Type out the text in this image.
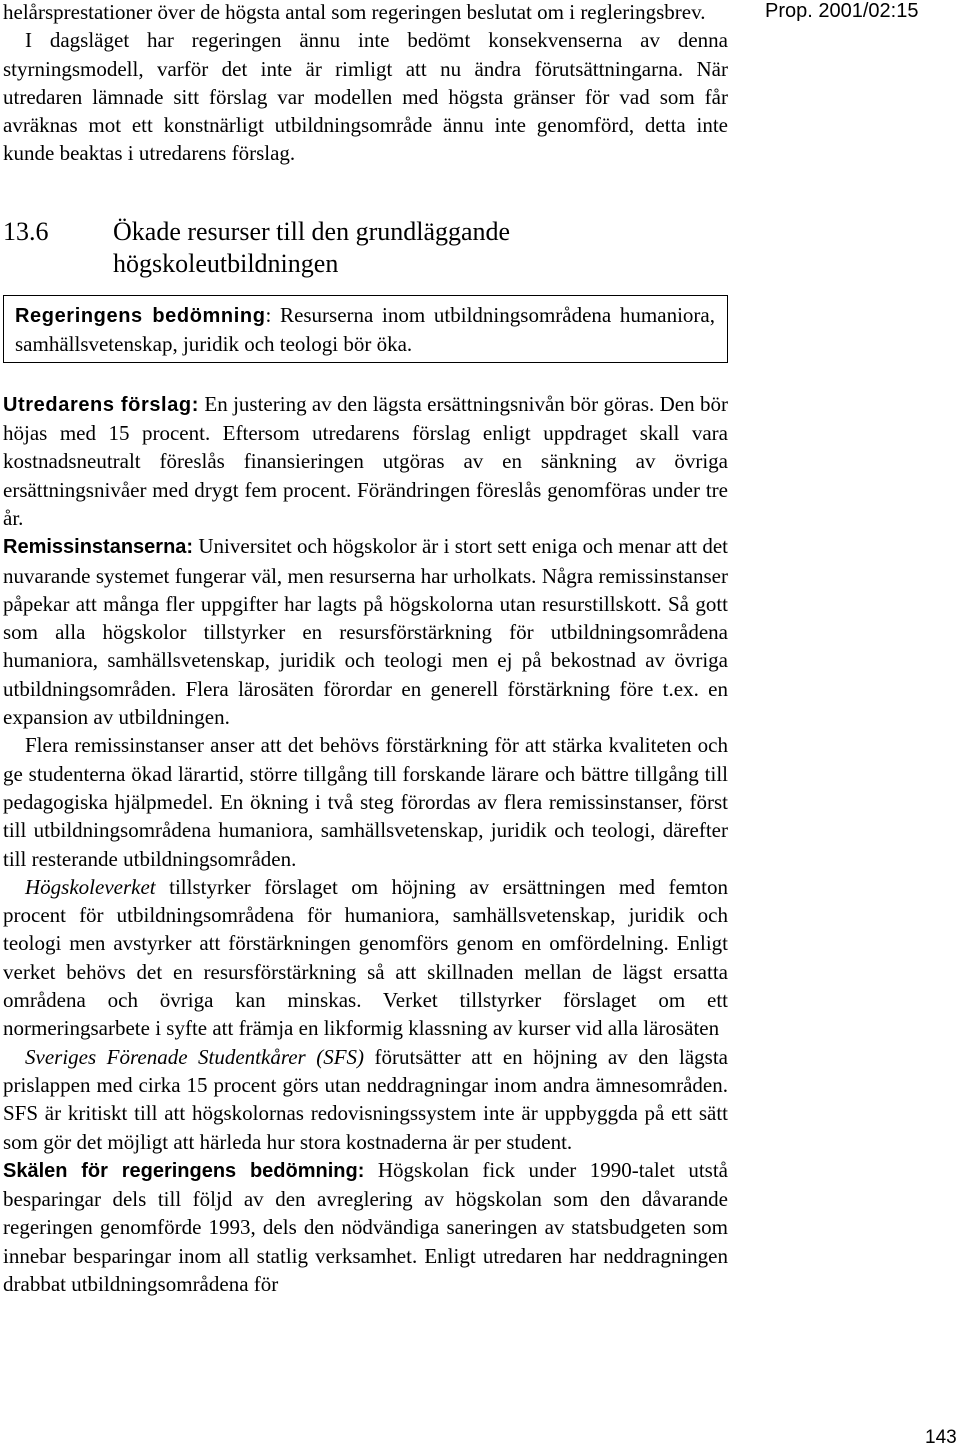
Prop. 2001/02:15

helårsprestationer över de högsta antal som regeringen beslutat om i regleringsbrev.

I dagsläget har regeringen ännu inte bedömt konsekvenserna av denna styrningsmodell, varför det inte är rimligt att nu ändra förutsättningarna. När utredaren lämnade sitt förslag var modellen med högsta gränser för vad som får avräknas mot ett konstnärligt utbildningsområde ännu inte genomförd, detta inte kunde beaktas i utredarens förslag.

13.6	Ökade resurser till den grundläggande högskoleutbildningen

Regeringens bedömning: Resurserna inom utbildningsområdena humaniora, samhällsvetenskap, juridik och teologi bör öka.

Utredarens förslag: En justering av den lägsta ersättningsnivån bör göras. Den bör höjas med 15 procent. Eftersom utredarens förslag enligt uppdraget skall vara kostnadsneutralt föreslås finansieringen utgöras av en sänkning av övriga ersättningsnivåer med drygt fem procent. Förändringen föreslås genomföras under tre år.

Remissinstanserna: Universitet och högskolor är i stort sett eniga och menar att det nuvarande systemet fungerar väl, men resurserna har urholkats. Några remissinstanser påpekar att många fler uppgifter har lagts på högskolorna utan resurstillskott. Så gott som alla högskolor tillstyrker en resursförstärkning för utbildningsområdena humaniora, samhällsvetenskap, juridik och teologi men ej på bekostnad av övriga utbildningsområden. Flera lärosäten förordar en generell förstärkning före t.ex. en expansion av utbildningen.

Flera remissinstanser anser att det behövs förstärkning för att stärka kvaliteten och ge studenterna ökad lärartid, större tillgång till forskande lärare och bättre tillgång till pedagogiska hjälpmedel. En ökning i två steg förordas av flera remissinstanser, först till utbildningsområdena humaniora, samhällsvetenskap, juridik och teologi, därefter till resterande utbildningsområden.

Högskoleverket tillstyrker förslaget om höjning av ersättningen med femton procent för utbildningsområdena för humaniora, samhällsvetenskap, juridik och teologi men avstyrker att förstärkningen genomförs genom en omfördelning. Enligt verket behövs det en resursförstärkning så att skillnaden mellan de lägst ersatta områdena och övriga kan minskas. Verket tillstyrker förslaget om ett normeringsarbete i syfte att främja en likformig klassning av kurser vid alla lärosäten

Sveriges Förenade Studentkårer (SFS) förutsätter att en höjning av den lägsta prislappen med cirka 15 procent görs utan neddragningar inom andra ämnesområden. SFS är kritiskt till att högskolornas redovisningssystem inte är uppbyggda på ett sätt som gör det möjligt att härleda hur stora kostnaderna är per student.

Skälen för regeringens bedömning: Högskolan fick under 1990-talet utstå besparingar dels till följd av den avreglering av högskolan som den dåvarande regeringen genomförde 1993, dels den nödvändiga saneringen av statsbudgeten som innebar besparingar inom all statlig verksamhet. Enligt utredaren har neddragningen drabbat utbildningsområdena för

143
